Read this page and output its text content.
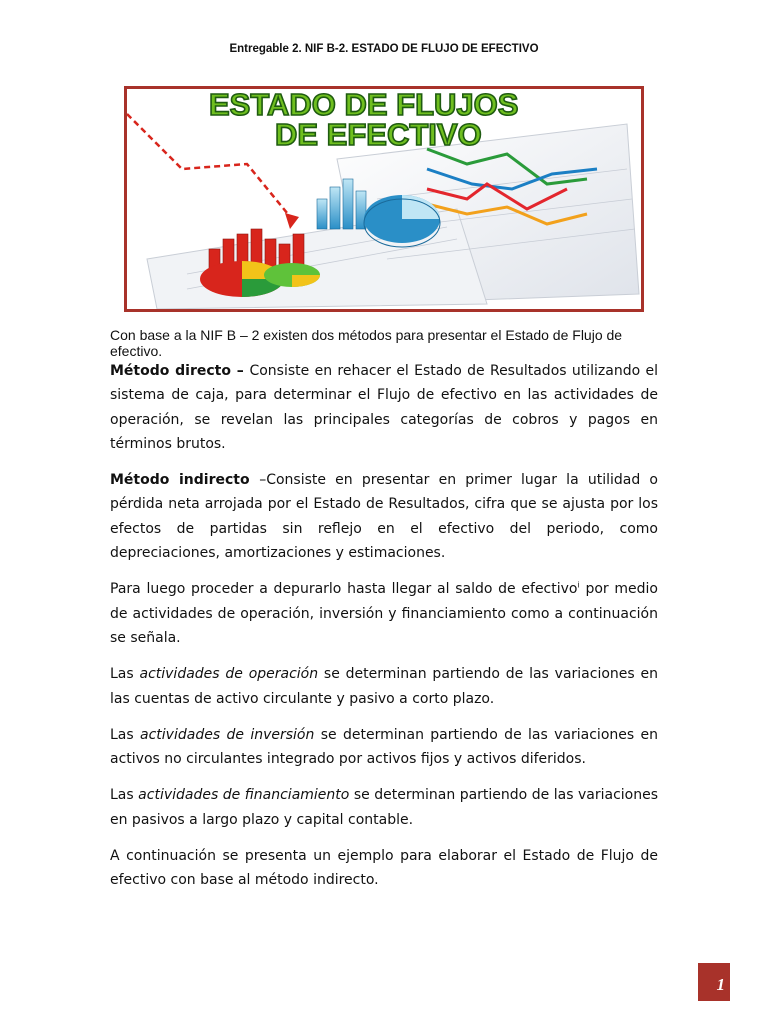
Entregable 2. NIF B-2. ESTADO DE FLUJO DE EFECTIVO
ESTADO DE FLUJOS
DE EFECTIVO
Con base a la NIF B – 2 existen dos métodos para presentar el Estado de Flujo de efectivo.

Método directo – Consiste en rehacer el Estado de Resultados utilizando el sistema de caja, para determinar el Flujo de efectivo en las actividades de operación, se revelan las principales categorías de cobros y pagos en términos brutos.

Método indirecto –Consiste en presentar en primer lugar la utilidad o pérdida neta arrojada por el Estado de Resultados, cifra que se ajusta por los efectos de partidas sin reflejo en el efectivo del periodo, como depreciaciones, amortizaciones y estimaciones.

Para luego proceder a depurarlo hasta llegar al saldo de efectivo$^i$ por medio de actividades de operación, inversión y financiamiento como a continuación se señala.

Las actividades de operación se determinan partiendo de las variaciones en las cuentas de activo circulante y pasivo a corto plazo.

Las actividades de inversión se determinan partiendo de las variaciones en activos no circulantes integrado por activos fijos y activos diferidos.

Las actividades de financiamiento se determinan partiendo de las variaciones en pasivos a largo plazo y capital contable.

A continuación se presenta un ejemplo para elaborar el Estado de Flujo de efectivo con base al método indirecto.

1
